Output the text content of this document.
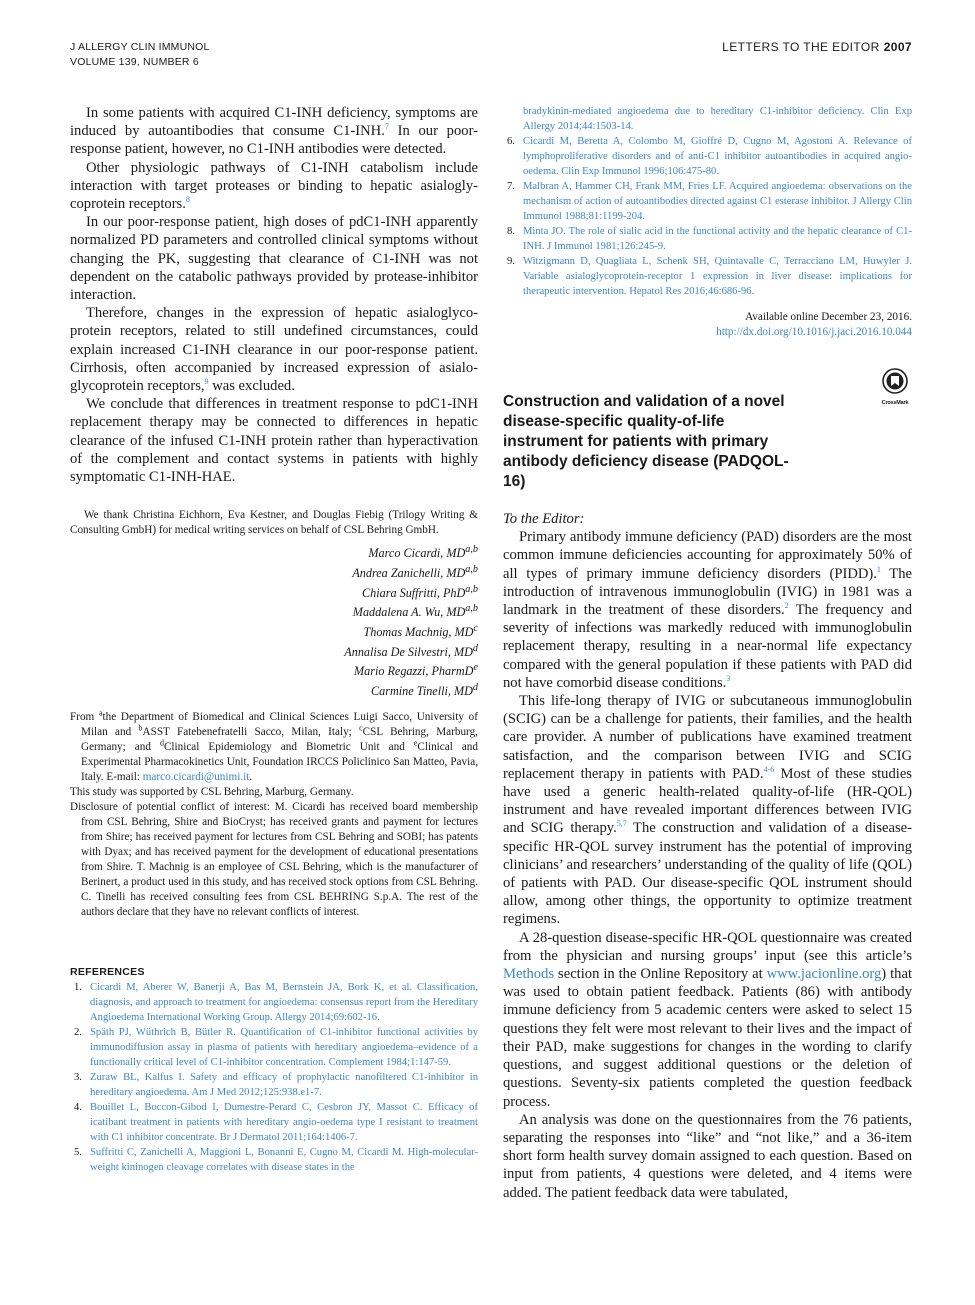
J ALLERGY CLIN IMMUNOL
VOLUME 139, NUMBER 6
LETTERS TO THE EDITOR 2007

In some patients with acquired C1-INH deficiency, symptoms are induced by autoantibodies that consume C1-INH.$^7$ In our poor-response patient, however, no C1-INH antibodies were detected.

Other physiologic pathways of C1-INH catabolism include interaction with target proteases or binding to hepatic asialogly-coprotein receptors.$^8$

In our poor-response patient, high doses of pdC1-INH apparently normalized PD parameters and controlled clinical symptoms without changing the PK, suggesting that clearance of C1-INH was not dependent on the catabolic pathways provided by protease-inhibitor interaction.

Therefore, changes in the expression of hepatic asialoglyco-protein receptors, related to still undefined circumstances, could explain increased C1-INH clearance in our poor-response patient. Cirrhosis, often accompanied by increased expression of asialo-glycoprotein receptors,$^9$ was excluded.

We conclude that differences in treatment response to pdC1-INH replacement therapy may be connected to differences in hepatic clearance of the infused C1-INH protein rather than hyperactivation of the complement and contact systems in patients with highly symptomatic C1-INH-HAE.

We thank Christina Eichhorn, Eva Kestner, and Douglas Fiebig (Trilogy Writing & Consulting GmbH) for medical writing services on behalf of CSL Behring GmbH.

Marco Cicardi, MD$^{a,b}$
Andrea Zanichelli, MD$^{a,b}$
Chiara Suffritti, PhD$^{a,b}$
Maddalena A. Wu, MD$^{a,b}$
Thomas Machnig, $MD^c$
Annalisa De Silvestri, $MD^d$
Mario Regazzi, PharmD$^e$
Carmine Tinelli, $MD^d$

From $^a$the Department of Biomedical and Clinical Sciences Luigi Sacco, University of Milan and $^b$ASST Fatebenefratelli Sacco, Milan, Italy; $^c$CSL Behring, Marburg, Germany; and $^d$Clinical Epidemiology and Biometric Unit and $^e$Clinical and Experimental Pharmacokinetics Unit, Foundation IRCCS Policlinico San Matteo, Pavia, Italy. E-mail: marco.cicardi@unimi.it.

This study was supported by CSL Behring, Marburg, Germany.

Disclosure of potential conflict of interest: M. Cicardi has received board membership from CSL Behring, Shire and BioCryst; has received grants and payment for lectures from Shire; has received payment for lectures from CSL Behring and SOBI; has patents with Dyax; and has received payment for the development of educational presentations from Shire. T. Machnig is an employee of CSL Behring, which is the manufacturer of Berinert, a product used in this study, and has received stock options from CSL Behring. C. Tinelli has received consulting fees from CSL BEHRING S.p.A. The rest of the authors declare that they have no relevant conflicts of interest.

REFERENCES
1. Cicardi M, Aberer W, Banerji A, Bas M, Bernstein JA, Bork K, et al. Classification, diagnosis, and approach to treatment for angioedema: consensus report from the Hereditary Angioedema International Working Group. Allergy 2014;69:602-16.
2. Späth PJ, Wüthrich B, Bütler R. Quantification of C1-inhibitor functional activities by immunodiffusion assay in plasma of patients with hereditary angioedema–evidence of a functionally critical level of C1-inhibitor concentration. Complement 1984;1:147-59.
3. Zuraw BL, Kalfus I. Safety and efficacy of prophylactic nanofiltered C1-inhibitor in hereditary angioedema. Am J Med 2012;125:938.e1-7.
4. Bouillet L, Boccon-Gibod I, Dumestre-Perard C, Cesbron JY, Massot C. Efficacy of icatibant treatment in patients with hereditary angio-oedema type I resistant to treatment with C1 inhibitor concentrate. Br J Dermatol 2011;164:1406-7.
5. Suffritti C, Zanichelli A, Maggioni L, Bonanni E, Cugno M, Cicardi M. High-molecular-weight kininogen cleavage correlates with disease states in the
bradykinin-mediated angioedema due to hereditary C1-inhibitor deficiency. Clin Exp Allergy 2014;44:1503-14.
6. Cicardi M, Beretta A, Colombo M, Gioffré D, Cugno M, Agostoni A. Relevance of lymphoproliferative disorders and of anti-C1 inhibitor autoantibodies in acquired angio-oedema. Clin Exp Immunol 1996;106:475-80.
7. Malbran A, Hammer CH, Frank MM, Fries LF. Acquired angioedema: observations on the mechanism of action of autoantibodies directed against C1 esterase inhibitor. J Allergy Clin Immunol 1988;81:1199-204.
8. Minta JO. The role of sialic acid in the functional activity and the hepatic clearance of C1-INH. J Immunol 1981;126:245-9.
9. Witzigmann D, Quagliata L, Schenk SH, Quintavalle C, Terracciano LM, Huwyler J. Variable asialoglycoprotein-receptor 1 expression in liver disease: implications for therapeutic intervention. Hepatol Res 2016;46:686-96.
Available online December 23, 2016.
http://dx.doi.org/10.1016/j.jaci.2016.10.044
Construction and validation of a novel disease-specific quality-of-life instrument for patients with primary antibody deficiency disease (PADQOL-16)
CrossMark
To the Editor:

Primary antibody immune deficiency (PAD) disorders are the most common immune deficiencies accounting for approximately 50% of all types of primary immune deficiency disorders (PIDD).$^1$ The introduction of intravenous immunoglobulin (IVIG) in 1981 was a landmark in the treatment of these disorders.$^2$ The frequency and severity of infections was markedly reduced with immunoglobulin replacement therapy, resulting in a near-normal life expectancy compared with the general population if these patients with PAD did not have comorbid disease conditions.$^3$

This life-long therapy of IVIG or subcutaneous immunoglobulin (SCIG) can be a challenge for patients, their families, and the health care provider. A number of publications have examined treatment satisfaction, and the comparison between IVIG and SCIG replacement therapy in patients with PAD.$^{4-6}$ Most of these studies have used a generic health-related quality-of-life (HR-QOL) instrument and have revealed important differences between IVIG and SCIG therapy.$^{5,7}$ The construction and validation of a disease-specific HR-QOL survey instrument has the potential of improving clinicians’ and researchers’ understanding of the quality of life (QOL) of patients with PAD. Our disease-specific QOL instrument should allow, among other things, the opportunity to optimize treatment regimens.

A 28-question disease-specific HR-QOL questionnaire was created from the physician and nursing groups’ input (see this article’s Methods section in the Online Repository at www.jacionline.org) that was used to obtain patient feedback. Patients (86) with antibody immune deficiency from 5 academic centers were asked to select 15 questions they felt were most relevant to their lives and the impact of their PAD, make suggestions for changes in the wording to clarify questions, and suggest additional questions or the deletion of questions. Seventy-six patients completed the question feedback process.

An analysis was done on the questionnaires from the 76 patients, separating the responses into “like” and “not like,” and a 36-item short form health survey domain assigned to each question. Based on input from patients, 4 questions were deleted, and 4 items were added. The patient feedback data were tabulated,
